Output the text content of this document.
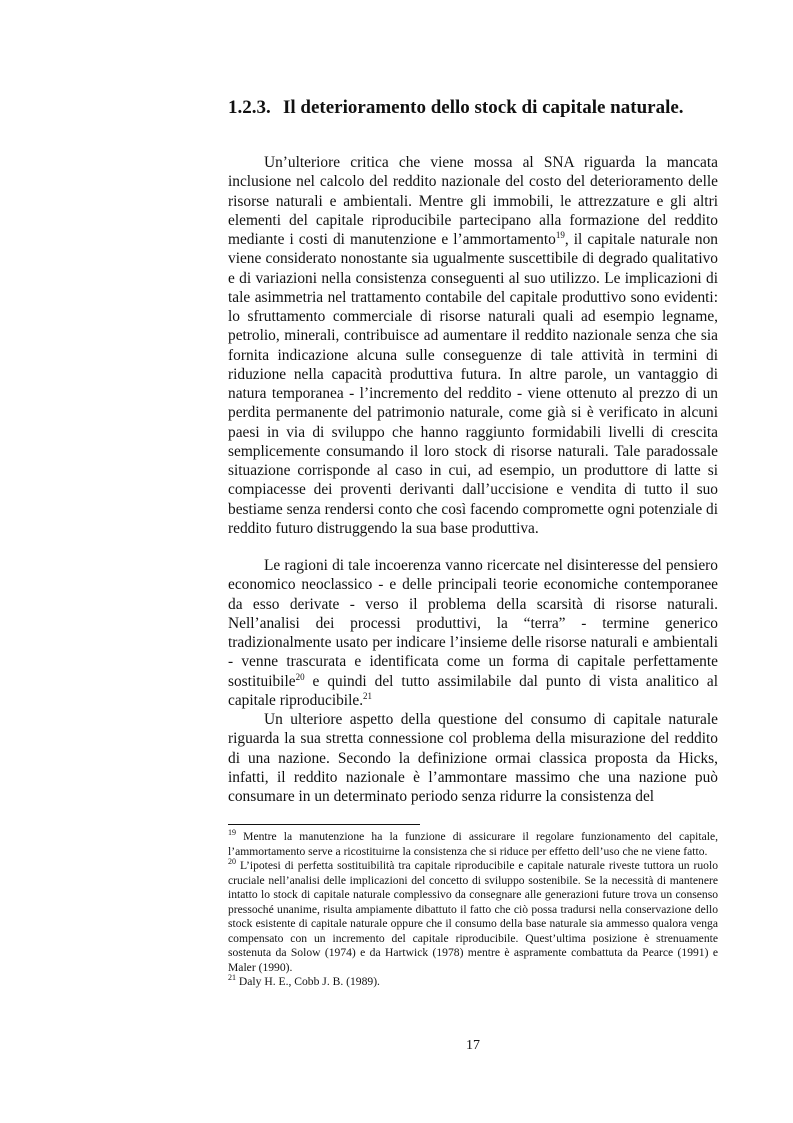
1.2.3. Il deterioramento dello stock di capitale naturale.

Un’ulteriore critica che viene mossa al SNA riguarda la mancata inclusione nel calcolo del reddito nazionale del costo del deterioramento delle risorse naturali e ambientali. Mentre gli immobili, le attrezzature e gli altri elementi del capitale riproducibile partecipano alla formazione del reddito mediante i costi di manutenzione e l’ammortamento$^{19}$, il capitale naturale non viene considerato nonostante sia ugualmente suscettibile di degrado qualitativo e di variazioni nella consistenza conseguenti al suo utilizzo. Le implicazioni di tale asimmetria nel trattamento contabile del capitale produttivo sono evidenti: lo sfruttamento commerciale di risorse naturali quali ad esempio legname, petrolio, minerali, contribuisce ad aumentare il reddito nazionale senza che sia fornita indicazione alcuna sulle conseguenze di tale attività in termini di riduzione nella capacità produttiva futura. In altre parole, un vantaggio di natura temporanea - l’incremento del reddito - viene ottenuto al prezzo di un perdita permanente del patrimonio naturale, come già si è verificato in alcuni paesi in via di sviluppo che hanno raggiunto formidabili livelli di crescita semplicemente consumando il loro stock di risorse naturali. Tale paradossale situazione corrisponde al caso in cui, ad esempio, un produttore di latte si compiacesse dei proventi derivanti dall’uccisione e vendita di tutto il suo bestiame senza rendersi conto che così facendo compromette ogni potenziale di reddito futuro distruggendo la sua base produttiva.

Le ragioni di tale incoerenza vanno ricercate nel disinteresse del pensiero economico neoclassico - e delle principali teorie economiche contemporanee da esso derivate - verso il problema della scarsità di risorse naturali. Nell’analisi dei processi produttivi, la “terra” - termine generico tradizionalmente usato per indicare l’insieme delle risorse naturali e ambientali - venne trascurata e identificata come un forma di capitale perfettamente sostituibile$^{20}$ e quindi del tutto assimilabile dal punto di vista analitico al capitale riproducibile.$^{21}$

Un ulteriore aspetto della questione del consumo di capitale naturale riguarda la sua stretta connessione col problema della misurazione del reddito di una nazione. Secondo la definizione ormai classica proposta da Hicks, infatti, il reddito nazionale è l’ammontare massimo che una nazione può consumare in un determinato periodo senza ridurre la consistenza del

$^{19}$ Mentre la manutenzione ha la funzione di assicurare il regolare funzionamento del capitale, l’ammortamento serve a ricostituirne la consistenza che si riduce per effetto dell’uso che ne viene fatto.

$^{20}$ L’ipotesi di perfetta sostituibilità tra capitale riproducibile e capitale naturale riveste tuttora un ruolo cruciale nell’analisi delle implicazioni del concetto di sviluppo sostenibile. Se la necessità di mantenere intatto lo stock di capitale naturale complessivo da consegnare alle generazioni future trova un consenso pressoché unanime, risulta ampiamente dibattuto il fatto che ciò possa tradursi nella conservazione dello stock esistente di capitale naturale oppure che il consumo della base naturale sia ammesso qualora venga compensato con un incremento del capitale riproducibile. Quest’ultima posizione è strenuamente sostenuta da Solow (1974) e da Hartwick (1978) mentre è aspramente combattuta da Pearce (1991) e Maler (1990).

$^{21}$ Daly H. E., Cobb J. B. (1989).

17
